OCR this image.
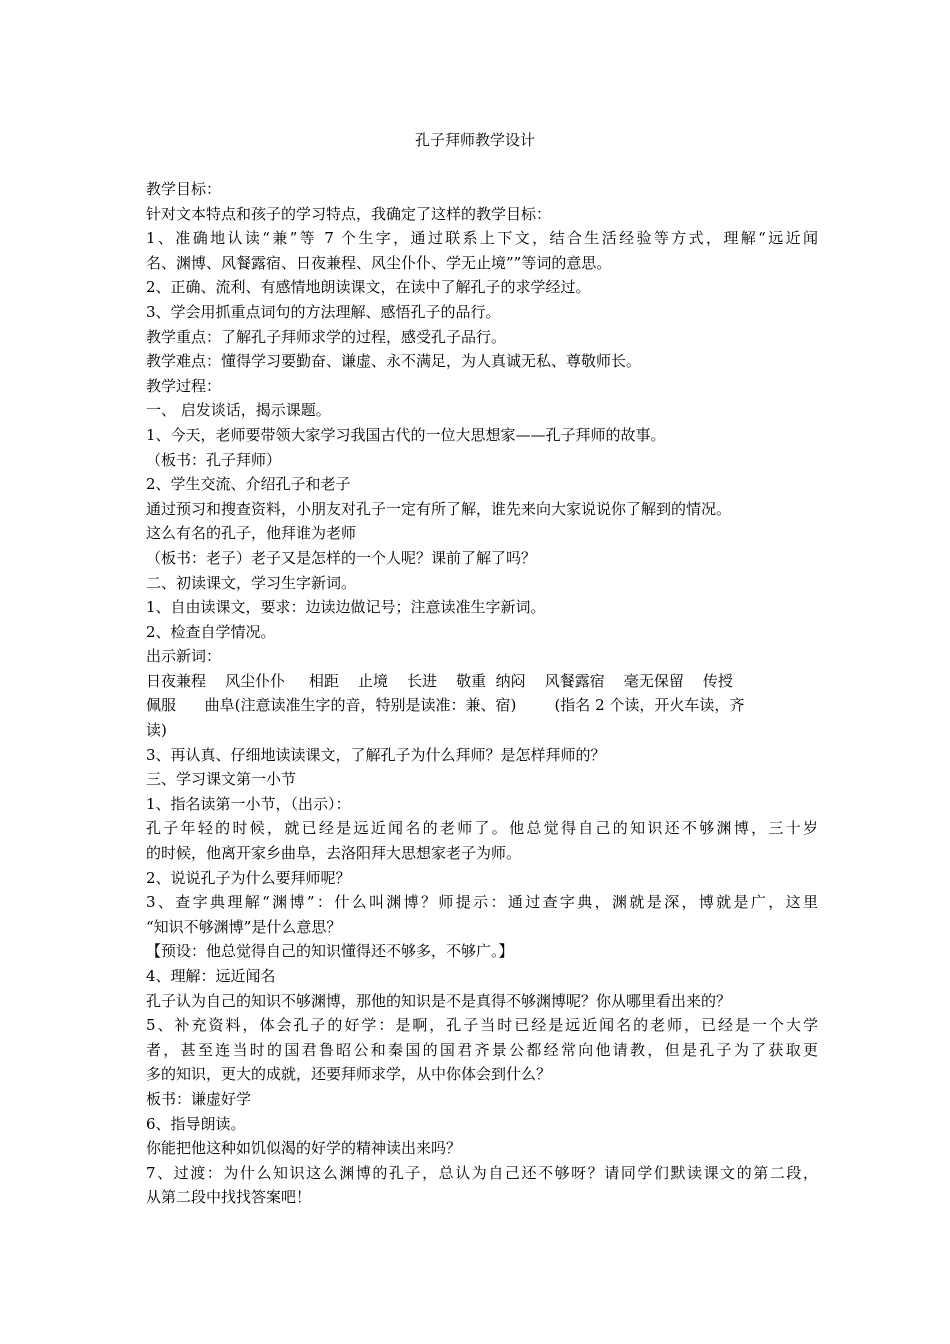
孔子拜师教学设计
教学目标：
针对文本特点和孩子的学习特点，我确定了这样的教学目标：
1、准确地认读“兼”等 7 个生字，通过联系上下文，结合生活经验等方式，理解“远近闻
名、渊博、风餐露宿、日夜兼程、风尘仆仆、学无止境””等词的意思。
2、正确、流利、有感情地朗读课文，在读中了解孔子的求学经过。
3、学会用抓重点词句的方法理解、感悟孔子的品行。
教学重点：了解孔子拜师求学的过程，感受孔子品行。
教学难点：懂得学习要勤奋、谦虚、永不满足，为人真诚无私、尊敬师长。
教学过程：
一、 启发谈话，揭示课题。
1、今天，老师要带领大家学习我国古代的一位大思想家——孔子拜师的故事。
（板书：孔子拜师）
2、学生交流、介绍孔子和老子
通过预习和搜查资料，小朋友对孔子一定有所了解，谁先来向大家说说你了解到的情况。
这么有名的孔子，他拜谁为老师
（板书：老子）老子又是怎样的一个人呢？课前了解了吗？
二、初读课文，学习生字新词。
1、自由读课文，要求：边读边做记号；注意读准生字新词。
2、检查自学情况。
出示新词：
日夜兼程    风尘仆仆     相距    止境    长进    敬重  纳闷    风餐露宿    毫无保留    传授
佩服      曲阜(注意读准生字的音，特别是读准：兼、宿)        (指名 2 个读，开火车读，齐
读)
3、再认真、仔细地读读课文，了解孔子为什么拜师？是怎样拜师的？
三、学习课文第一小节
1、指名读第一小节，（出示）：
孔子年轻的时候，就已经是远近闻名的老师了。他总觉得自己的知识还不够渊博，三十岁
的时候，他离开家乡曲阜，去洛阳拜大思想家老子为师。
2、说说孔子为什么要拜师呢？
3、查字典理解“渊博”：什么叫渊博？师提示：通过查字典，渊就是深，博就是广，这里
“知识不够渊博”是什么意思？
【预设：他总觉得自己的知识懂得还不够多，不够广。】
4、理解：远近闻名
孔子认为自己的知识不够渊博，那他的知识是不是真得不够渊博呢？你从哪里看出来的？
5、补充资料，体会孔子的好学：是啊，孔子当时已经是远近闻名的老师，已经是一个大学
者，甚至连当时的国君鲁昭公和秦国的国君齐景公都经常向他请教，但是孔子为了获取更
多的知识，更大的成就，还要拜师求学，从中你体会到什么？
板书：谦虚好学
6、指导朗读。
你能把他这种如饥似渴的好学的精神读出来吗？
7、过渡：为什么知识这么渊博的孔子，总认为自己还不够呀？请同学们默读课文的第二段，
从第二段中找找答案吧！
